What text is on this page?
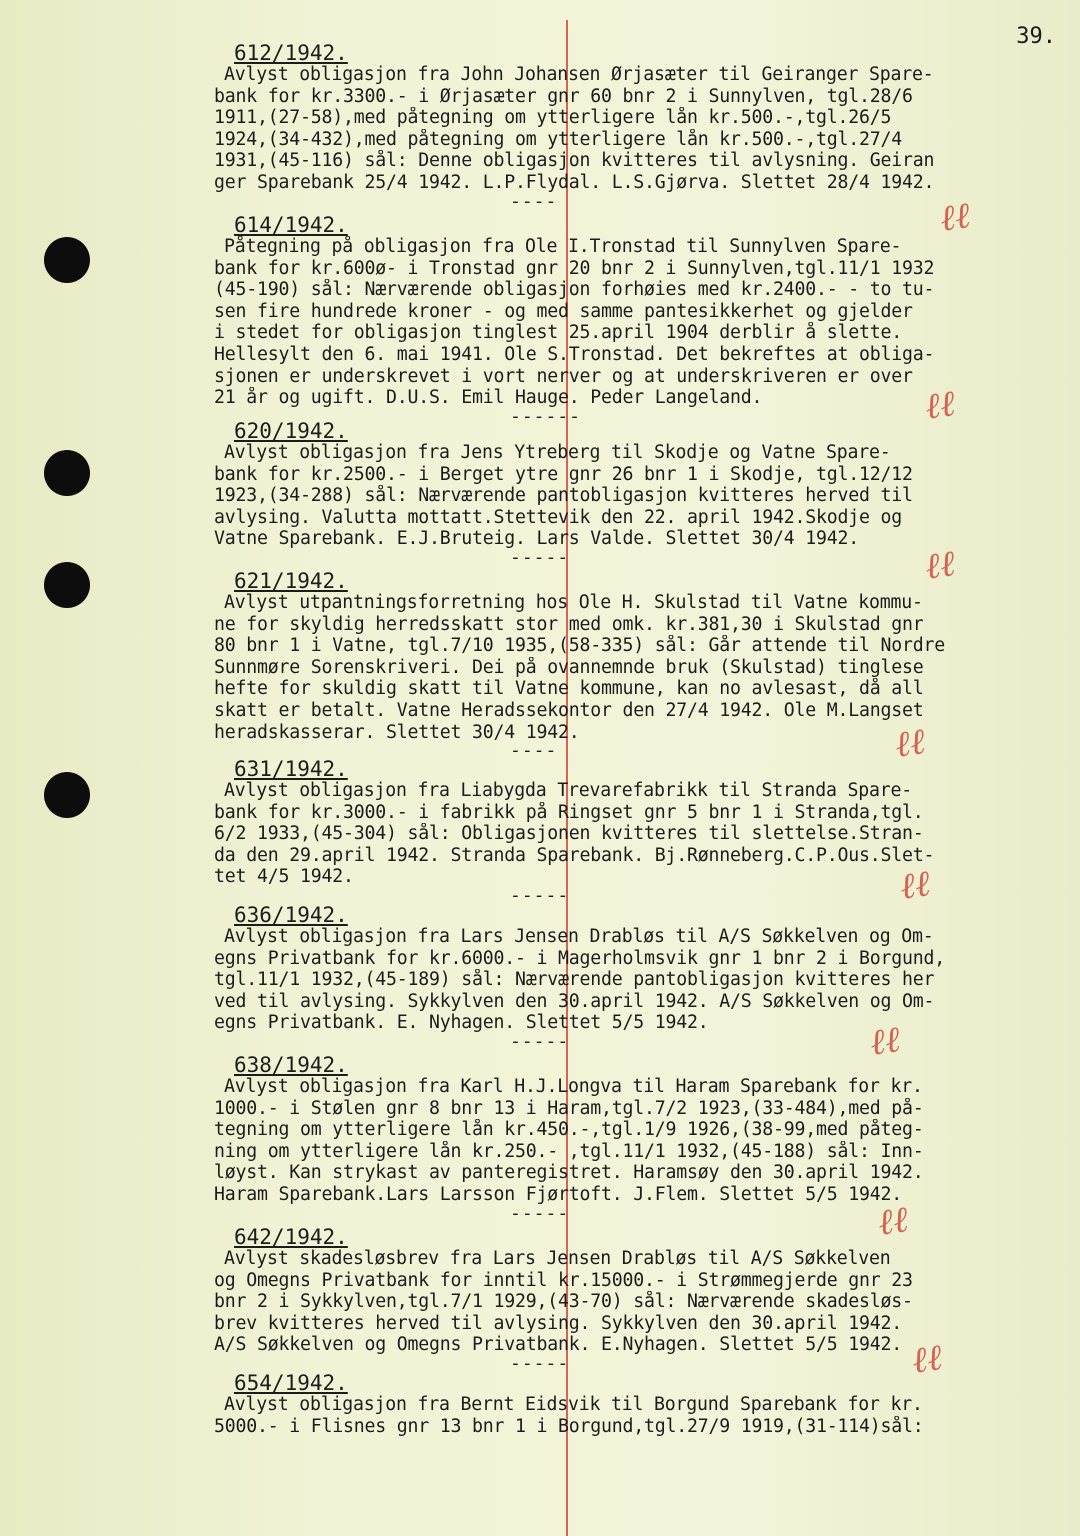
39.
612/1942.
Avlyst obligasjon fra John Johansen Ørjasæter til Geiranger Spare-
bank for kr.3300.- i Ørjasæter gnr 60 bnr 2 i Sunnylven, tgl.28/6
1911,(27-58),med påtegning om ytterligere lån kr.500.-,tgl.26/5
1924,(34-432),med påtegning om ytterligere lån kr.500.-,tgl.27/4
1931,(45-116) sål: Denne obligasjon kvitteres til avlysning. Geiran
ger Sparebank 25/4 1942. L.P.Flydal. L.S.Gjørva. Slettet 28/4 1942.
----
614/1942.
Påtegning på obligasjon fra Ole I.Tronstad til Sunnylven Spare-
bank for kr.600ø- i Tronstad gnr 20 bnr 2 i Sunnylven,tgl.11/1 1932
(45-190) sål: Nærværende obligasjon forhøies med kr.2400.- - to tu-
sen fire hundrede kroner - og med samme pantesikkerhet og gjelder
i stedet for obligasjon tinglest 25.april 1904 derblir å slette.
Hellesylt den 6. mai 1941. Ole S.Tronstad. Det bekreftes at obliga-
sjonen er underskrevet i vort nerver og at underskriveren er over
21 år og ugift. D.U.S. Emil Hauge. Peder Langeland.
------
620/1942.
Avlyst obligasjon fra Jens Ytreberg til Skodje og Vatne Spare-
bank for kr.2500.- i Berget ytre gnr 26 bnr 1 i Skodje, tgl.12/12
1923,(34-288) sål: Nærværende pantobligasjon kvitteres herved til
avlysing. Valutta mottatt.Stettevik den 22. april 1942.Skodje og
Vatne Sparebank. E.J.Bruteig. Lars Valde. Slettet 30/4 1942.
-----
621/1942.
Avlyst utpantningsforretning hos Ole H. Skulstad til Vatne kommu-
ne for skyldig herredsskatt stor med omk. kr.381,30 i Skulstad gnr
80 bnr 1 i Vatne, tgl.7/10 1935,(58-335) sål: Går attende til Nordre
Sunnmøre Sorenskriveri. Dei på ovannemnde bruk (Skulstad) tinglese
hefte for skuldig skatt til Vatne kommune, kan no avlesast, då all
skatt er betalt. Vatne Heradssekontor den 27/4 1942. Ole M.Langset
heradskasserar. Slettet 30/4 1942.
----
631/1942.
Avlyst obligasjon fra Liabygda Trevarefabrikk til Stranda Spare-
bank for kr.3000.- i fabrikk på Ringset gnr 5 bnr 1 i Stranda,tgl.
6/2 1933,(45-304) sål: Obligasjonen kvitteres til slettelse.Stran-
da den 29.april 1942. Stranda Sparebank. Bj.Rønneberg.C.P.Ous.Slet-
tet 4/5 1942.
-----
636/1942.
Avlyst obligasjon fra Lars Jensen Drabløs til A/S Søkkelven og Om-
egns Privatbank for kr.6000.- i Magerholmsvik gnr 1 bnr 2 i Borgund,
tgl.11/1 1932,(45-189) sål: Nærværende pantobligasjon kvitteres her
ved til avlysing. Sykkylven den 30.april 1942. A/S Søkkelven og Om-
egns Privatbank. E. Nyhagen. Slettet 5/5 1942.
-----
638/1942.
Avlyst obligasjon fra Karl H.J.Longva til Haram Sparebank for kr.
1000.- i Stølen gnr 8 bnr 13 i Haram,tgl.7/2 1923,(33-484),med på-
tegning om ytterligere lån kr.450.-,tgl.1/9 1926,(38-99,med påteg-
ning om ytterligere lån kr.250.- ,tgl.11/1 1932,(45-188) sål: Inn-
løyst. Kan strykast av panteregistret. Haramsøy den 30.april 1942.
Haram Sparebank.Lars Larsson Fjørtoft. J.Flem. Slettet 5/5 1942.
-----
642/1942.
Avlyst skadesløsbrev fra Lars Jensen Drabløs til A/S Søkkelven
og Omegns Privatbank for inntil kr.15000.- i Strømmegjerde gnr 23
bnr 2 i Sykkylven,tgl.7/1 1929,(43-70) sål: Nærværende skadesløs-
brev kvitteres herved til avlysing. Sykkylven den 30.april 1942.
A/S Søkkelven og Omegns Privatbank. E.Nyhagen. Slettet 5/5 1942.
-----
654/1942.
Avlyst obligasjon fra Bernt Eidsvik til Borgund Sparebank for kr.
5000.- i Flisnes gnr 13 bnr 1 i Borgund,tgl.27/9 1919,(31-114)sål:
ℓℓ
ℓℓ
ℓℓ
ℓℓ
ℓℓ
ℓℓ
ℓℓ
ℓℓ
